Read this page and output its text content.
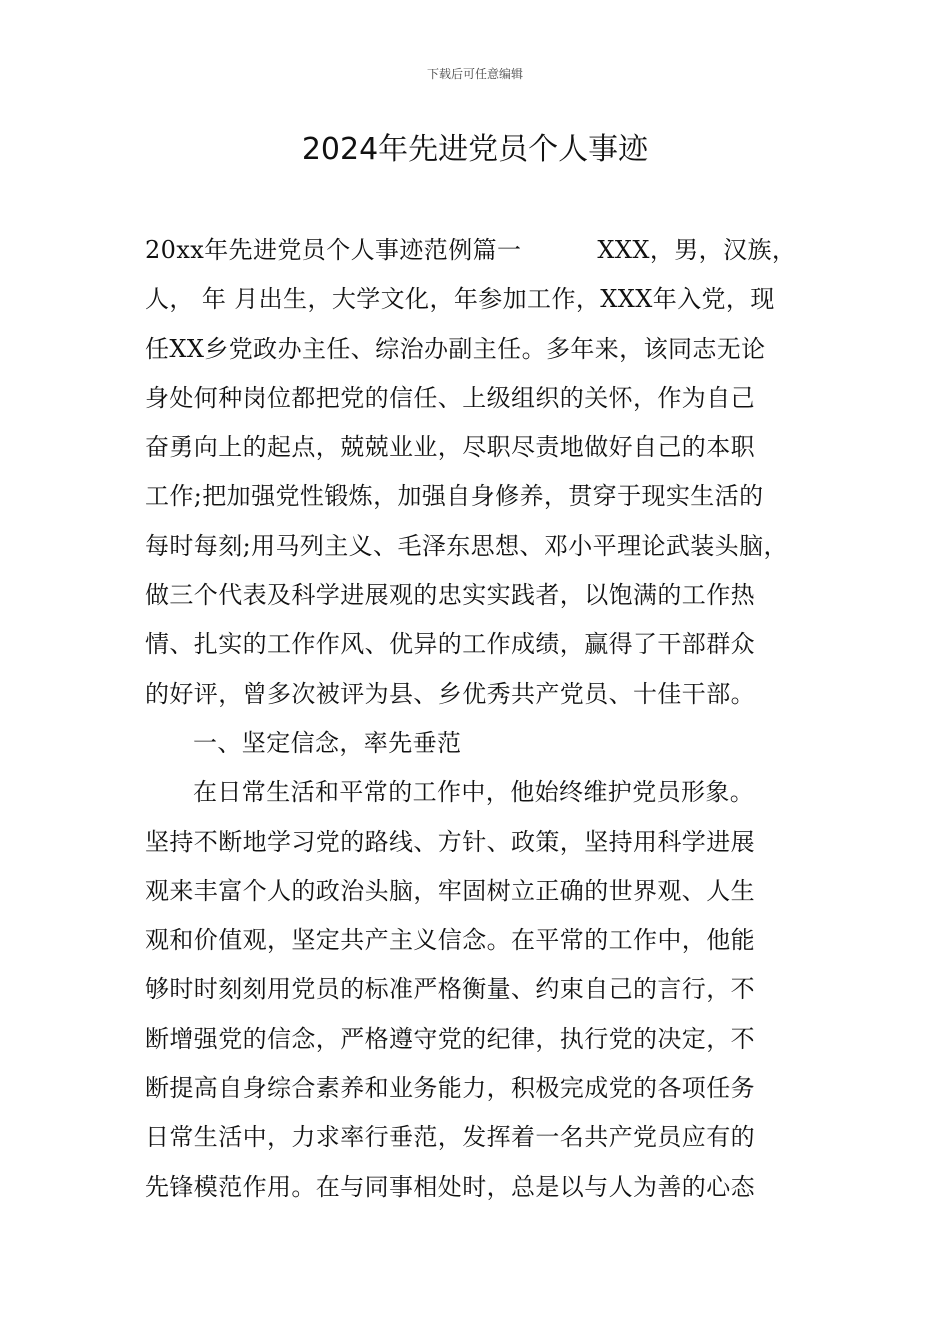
下载后可任意编辑
2024年先进党员个人事迹
20xx年先进党员个人事迹范例篇一	XXX，男，汉族，
人， 年 月出生，大学文化，年参加工作，XXX年入党，现
任XX乡党政办主任、综治办副主任。多年来，该同志无论
身处何种岗位都把党的信任、上级组织的关怀，作为自己
奋勇向上的起点，兢兢业业，尽职尽责地做好自己的本职
工作;把加强党性锻炼，加强自身修养，贯穿于现实生活的
每时每刻;用马列主义、毛泽东思想、邓小平理论武装头脑，
做三个代表及科学进展观的忠实实践者，以饱满的工作热
情、扎实的工作作风、优异的工作成绩，赢得了干部群众
的好评，曾多次被评为县、乡优秀共产党员、十佳干部。
一、坚定信念，率先垂范
在日常生活和平常的工作中，他始终维护党员形象。
坚持不断地学习党的路线、方针、政策，坚持用科学进展
观来丰富个人的政治头脑，牢固树立正确的世界观、人生
观和价值观，坚定共产主义信念。在平常的工作中，他能
够时时刻刻用党员的标准严格衡量、约束自己的言行，不
断增强党的信念，严格遵守党的纪律，执行党的决定，不
断提高自身综合素养和业务能力，积极完成党的各项任务
日常生活中，力求率行垂范，发挥着一名共产党员应有的
先锋模范作用。在与同事相处时，总是以与人为善的心态
